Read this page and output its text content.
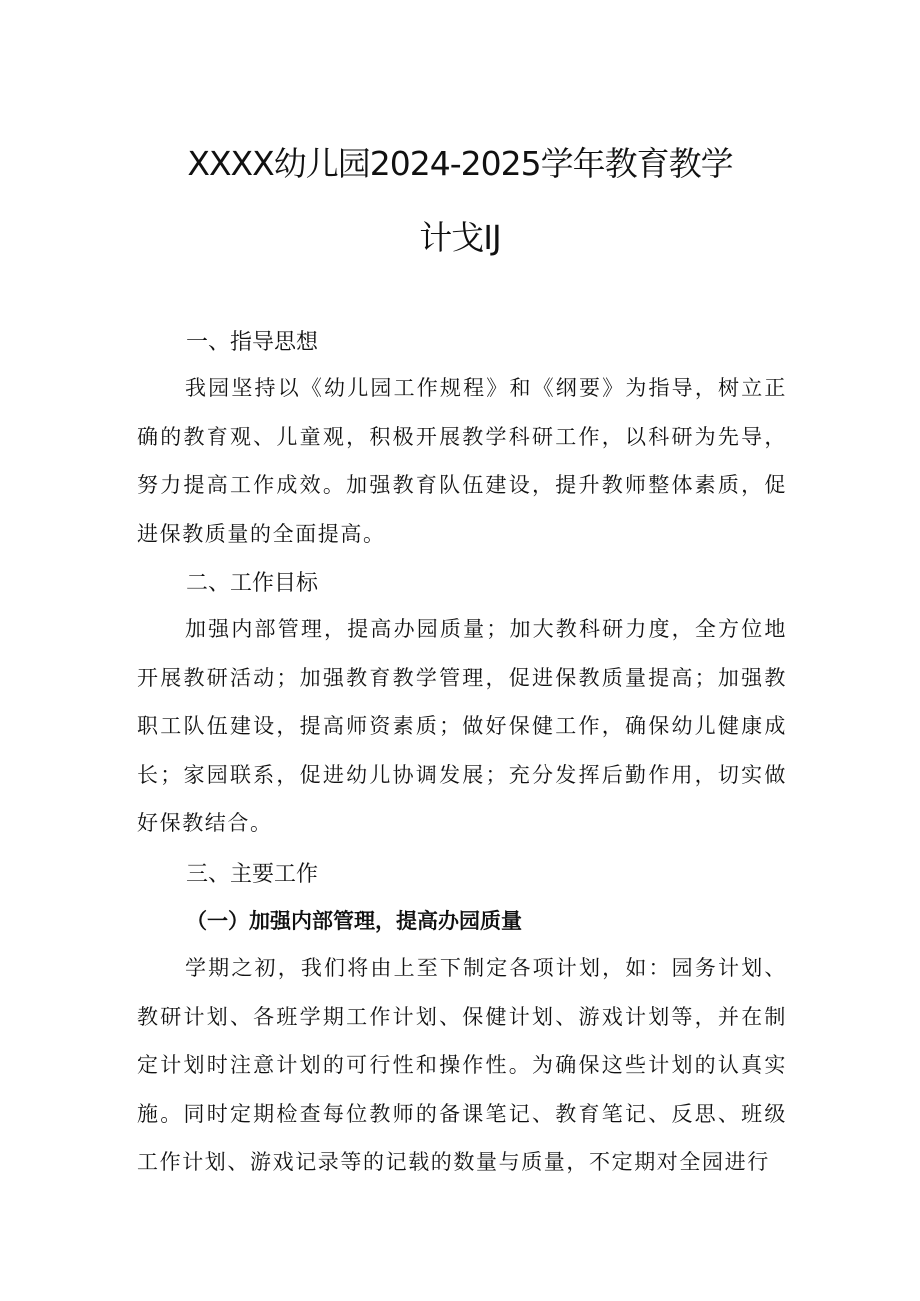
XXXX幼儿园2024-2025学年教育教学
计戈IJ
一、指导思想

我园坚持以《幼儿园工作规程》和《纲要》为指导，树立正确的教育观、儿童观，积极开展教学科研工作，以科研为先导，努力提高工作成效。加强教育队伍建设，提升教师整体素质，促进保教质量的全面提高。

二、工作目标

加强内部管理，提高办园质量；加大教科研力度，全方位地开展教研活动；加强教育教学管理，促进保教质量提高；加强教职工队伍建设，提高师资素质；做好保健工作，确保幼儿健康成长；家园联系，促进幼儿协调发展；充分发挥后勤作用，切实做好保教结合。

三、主要工作
（一）加强内部管理，提高办园质量

学期之初，我们将由上至下制定各项计划，如：园务计划、教研计划、各班学期工作计划、保健计划、游戏计划等，并在制定计划时注意计划的可行性和操作性。为确保这些计划的认真实施。同时定期检查每位教师的备课笔记、教育笔记、反思、班级工作计划、游戏记录等的记载的数量与质量，不定期对全园进行
